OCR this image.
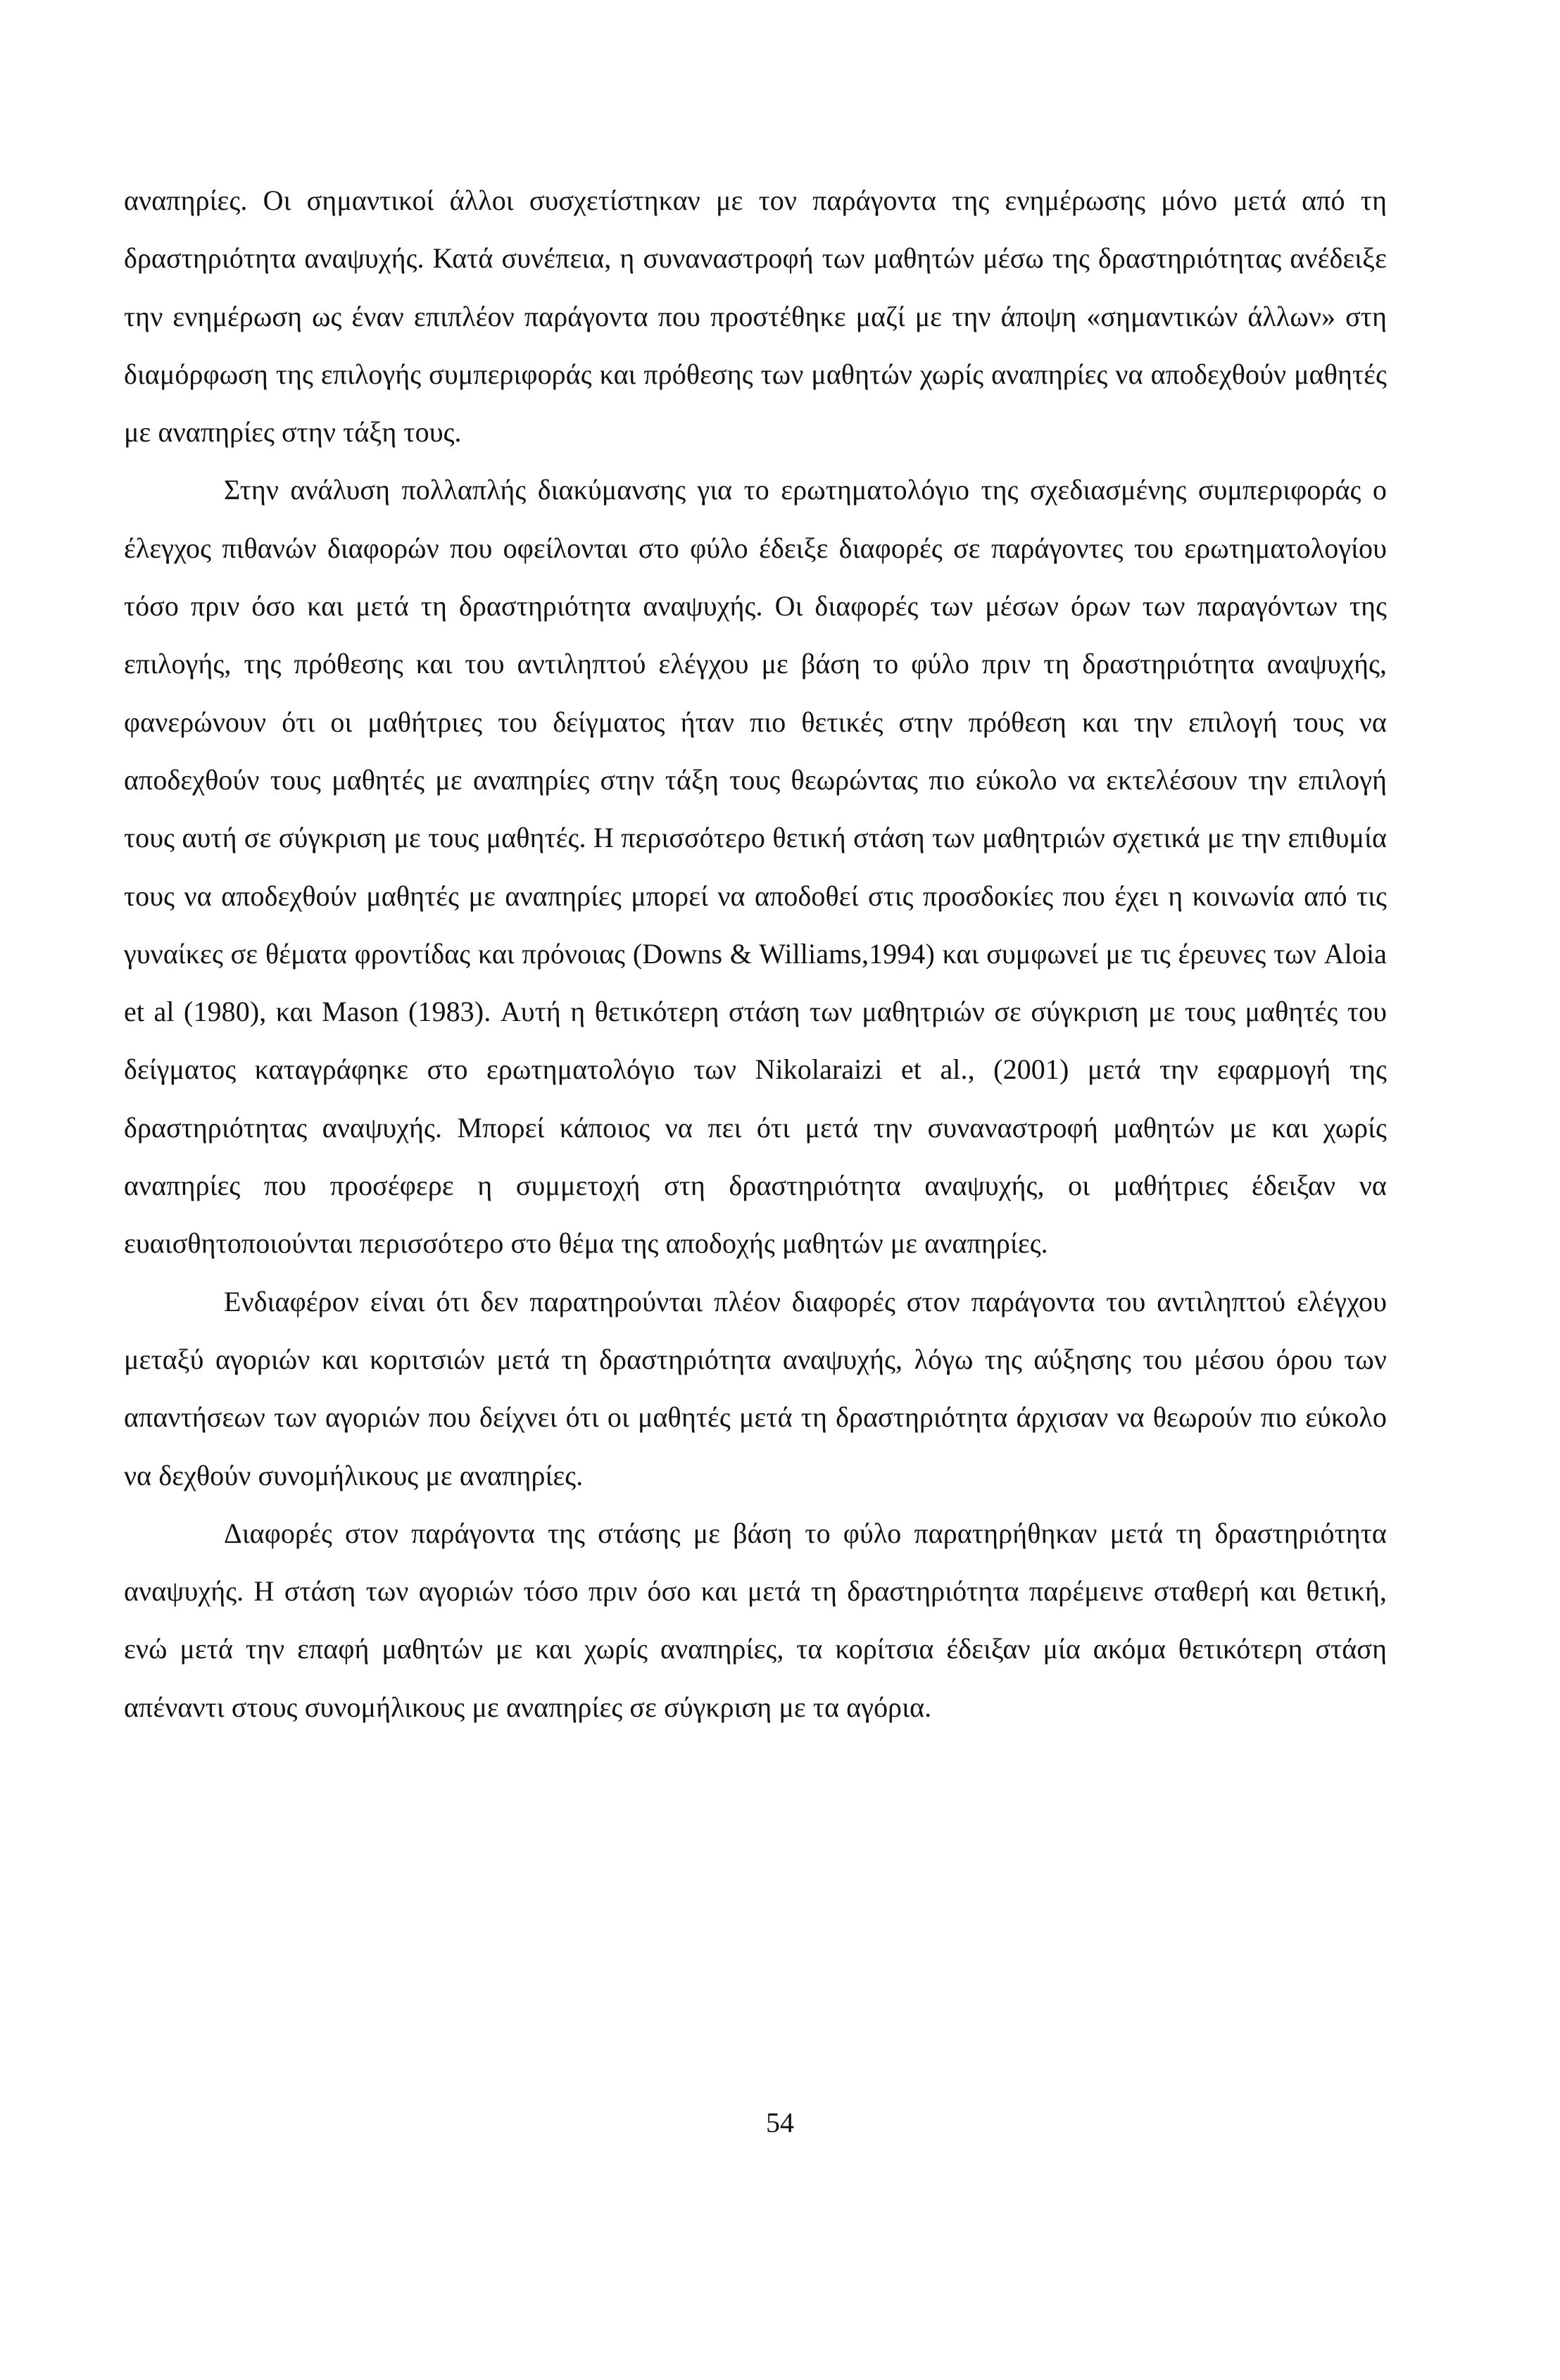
αναπηρίες. Οι σημαντικοί άλλοι συσχετίστηκαν με τον παράγοντα της ενημέρωσης μόνο μετά από τη δραστηριότητα αναψυχής. Κατά συνέπεια, η συναναστροφή των μαθητών μέσω της δραστηριότητας ανέδειξε την ενημέρωση ως έναν επιπλέον παράγοντα που προστέθηκε μαζί με την άποψη «σημαντικών άλλων» στη διαμόρφωση της επιλογής συμπεριφοράς και πρόθεσης των μαθητών χωρίς αναπηρίες να αποδεχθούν μαθητές με αναπηρίες στην τάξη τους.

Στην ανάλυση πολλαπλής διακύμανσης για το ερωτηματολόγιο της σχεδιασμένης συμπεριφοράς ο έλεγχος πιθανών διαφορών που οφείλονται στο φύλο έδειξε διαφορές σε παράγοντες του ερωτηματολογίου τόσο πριν όσο και μετά τη δραστηριότητα αναψυχής. Οι διαφορές των μέσων όρων των παραγόντων της επιλογής, της πρόθεσης και του αντιληπτού ελέγχου με βάση το φύλο πριν τη δραστηριότητα αναψυχής, φανερώνουν ότι οι μαθήτριες του δείγματος ήταν πιο θετικές στην πρόθεση και την επιλογή τους να αποδεχθούν τους μαθητές με αναπηρίες στην τάξη τους θεωρώντας πιο εύκολο να εκτελέσουν την επιλογή τους αυτή σε σύγκριση με τους μαθητές. Η περισσότερο θετική στάση των μαθητριών σχετικά με την επιθυμία τους να αποδεχθούν μαθητές με αναπηρίες μπορεί να αποδοθεί στις προσδοκίες που έχει η κοινωνία από τις γυναίκες σε θέματα φροντίδας και πρόνοιας (Downs & Williams,1994) και συμφωνεί με τις έρευνες των Aloia et al (1980), και Mason (1983). Αυτή η θετικότερη στάση των μαθητριών σε σύγκριση με τους μαθητές του δείγματος καταγράφηκε στο ερωτηματολόγιο των Nikolaraizi et al., (2001) μετά την εφαρμογή της δραστηριότητας αναψυχής. Μπορεί κάποιος να πει ότι μετά την συναναστροφή μαθητών με και χωρίς αναπηρίες που προσέφερε η συμμετοχή στη δραστηριότητα αναψυχής, οι μαθήτριες έδειξαν να ευαισθητοποιούνται περισσότερο στο θέμα της αποδοχής μαθητών με αναπηρίες.

Ενδιαφέρον είναι ότι δεν παρατηρούνται πλέον διαφορές στον παράγοντα του αντιληπτού ελέγχου μεταξύ αγοριών και κοριτσιών μετά τη δραστηριότητα αναψυχής, λόγω της αύξησης του μέσου όρου των απαντήσεων των αγοριών που δείχνει ότι οι μαθητές μετά τη δραστηριότητα άρχισαν να θεωρούν πιο εύκολο να δεχθούν συνομήλικους με αναπηρίες.

Διαφορές στον παράγοντα της στάσης με βάση το φύλο παρατηρήθηκαν μετά τη δραστηριότητα αναψυχής. Η στάση των αγοριών τόσο πριν όσο και μετά τη δραστηριότητα παρέμεινε σταθερή και θετική, ενώ μετά την επαφή μαθητών με και χωρίς αναπηρίες, τα κορίτσια έδειξαν μία ακόμα θετικότερη στάση απέναντι στους συνομήλικους με αναπηρίες σε σύγκριση με τα αγόρια.

54
